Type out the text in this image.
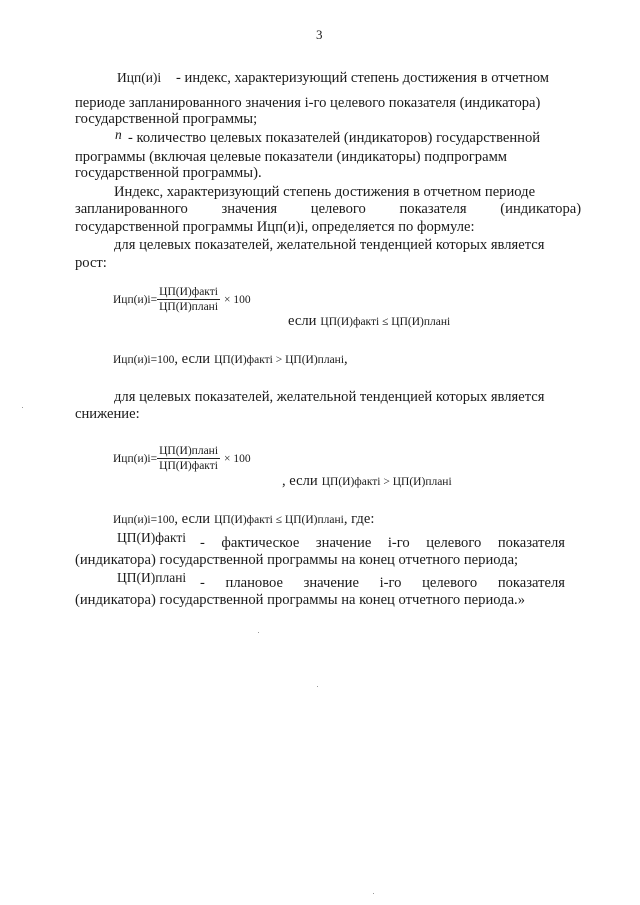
3
Ицп(и)i - индекс, характеризующий степень достижения в отчетном
периоде запланированного значения i-го целевого показателя (индикатора)
государственной программы;
n - количество целевых показателей (индикаторов) государственной
программы (включая целевые показатели (индикаторы) подпрограмм
государственной программы).
Индекс, характеризующий степень достижения в отчетном периоде
запланированного значения целевого показателя (индикатора)
государственной программы Ицп(и)i, определяется по формуле:
для целевых показателей, желательной тенденцией которых является
рост:
$Ицп(и)i= \frac{\text{ЦП(И)фактi}}{\text{ЦП(И)планi}} \times 100$
если ЦП(И)фактi ≤ ЦП(И)планi
Ицп(и)i=100, если ЦП(И)фактi > ЦП(И)планi,
для целевых показателей, желательной тенденцией которых является
снижение:
$Ицп(и)i= \frac{\text{ЦП(И)планi}}{\text{ЦП(И)фактi}} \times 100$
, если ЦП(И)фактi > ЦП(И)планi
Ицп(и)i=100, если ЦП(И)фактi ≤ ЦП(И)планi, где:
ЦП(И)фактi - фактическое значение i-го целевого показателя
(индикатора) государственной программы на конец отчетного периода;
ЦП(И)планi - плановое значение i-го целевого показателя
(индикатора) государственной программы на конец отчетного периода.»
